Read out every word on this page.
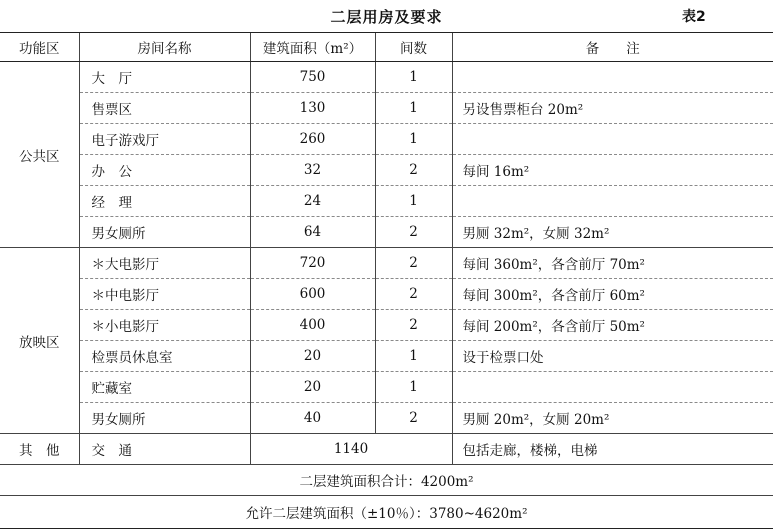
二层用房及要求	表2
功能区	房间名称	建筑面积（m²）	间数	备　　注
公共区	大　厅	750	1	
	售票区	130	1	另设售票柜台 20m²
	电子游戏厅	260	1	
	办　公	32	2	每间 16m²
	经　理	24	1	
	男女厕所	64	2	男厕 32m²，女厕 32m²
放映区	＊大电影厅	720	2	每间 360m²，各含前厅 70m²
	＊中电影厅	600	2	每间 300m²，各含前厅 60m²
	＊小电影厅	400	2	每间 200m²，各含前厅 50m²
	检票员休息室	20	1	设于检票口处
	贮藏室	20	1	
	男女厕所	40	2	男厕 20m²，女厕 20m²
其　他	交　通	1140		包括走廊，楼梯，电梯
二层建筑面积合计：4200m²				
允许二层建筑面积（±10％）：3780~4620m²				
